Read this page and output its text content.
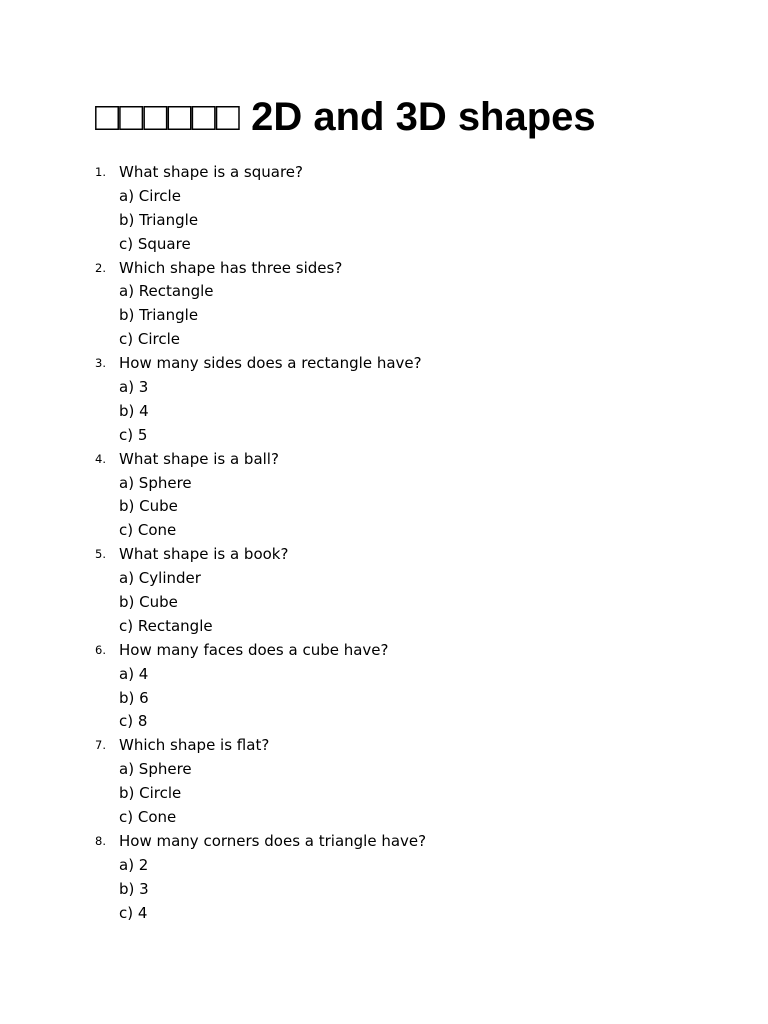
□□□□□□ 2D and 3D shapes
1. What shape is a square?
a) Circle
b) Triangle
c) Square
2. Which shape has three sides?
a) Rectangle
b) Triangle
c) Circle
3. How many sides does a rectangle have?
a) 3
b) 4
c) 5
4. What shape is a ball?
a) Sphere
b) Cube
c) Cone
5. What shape is a book?
a) Cylinder
b) Cube
c) Rectangle
6. How many faces does a cube have?
a) 4
b) 6
c) 8
7. Which shape is flat?
a) Sphere
b) Circle
c) Cone
8. How many corners does a triangle have?
a) 2
b) 3
c) 4
